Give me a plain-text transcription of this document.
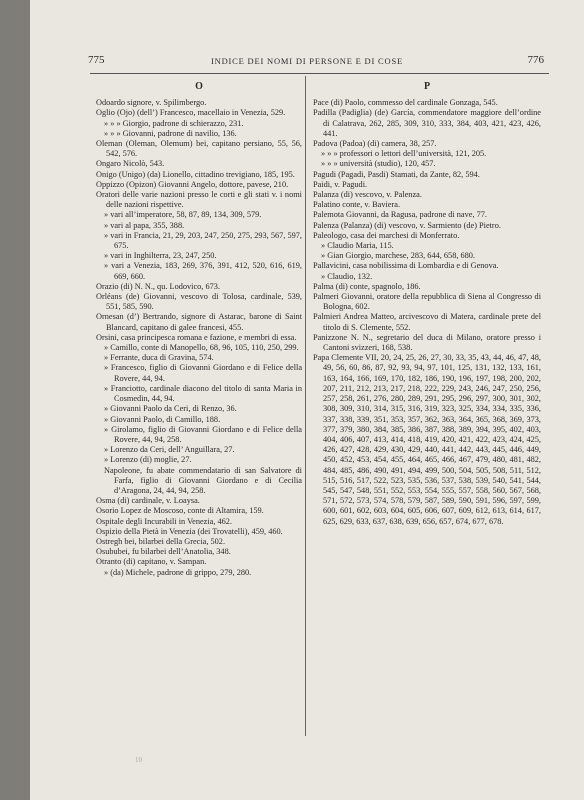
775	INDICE DEI NOMI DI PERSONE E DI COSE	776
O
Odoardo signore, v. Spilimbergo.
Oglio (Ojo) (dell’) Francesco, macellaio in Venezia, 529.
» » » Giorgio, padrone di schierazzo, 231.
» » » Giovanni, padrone di navilio, 136.
Oleman (Oleman, Olemum) bei, capitano persiano, 55, 56, 542, 576.
Ongaro Nicolò, 543.
Onigo (Unigo) (da) Lionello, cittadino trevigiano, 185, 195.
Oppizzo (Opizon) Giovanni Angelo, dottore, pavese, 210.
Oratori delle varie nazioni presso le corti e gli stati v. i nomi delle nazioni rispettive.
» vari all’imperatore, 58, 87, 89, 134, 309, 579.
» vari al papa, 355, 388.
» vari in Francia, 21, 29, 203, 247, 250, 275, 293, 567, 597, 675.
» vari in Inghilterra, 23, 247, 250.
» vari a Venezia, 183, 269, 376, 391, 412, 520, 616, 619, 669, 660.
Orazio (di) N. N., qu. Lodovico, 673.
Orléans (de) Giovanni, vescovo di Tolosa, cardinale, 539, 551, 585, 590.
Ornesan (d’) Bertrando, signore di Astarac, barone di Saint Blancard, capitano di galee francesi, 455.
Orsini, casa principesca romana e fazione, e membri di essa.
» Camillo, conte di Manopello, 68, 96, 105, 110, 250, 299.
» Ferrante, duca di Gravina, 574.
» Francesco, figlio di Giovanni Giordano e di Felice della Rovere, 44, 94.
» Franciotto, cardinale diacono del titolo di santa Maria in Cosmedin, 44, 94.
» Giovanni Paolo da Ceri, di Renzo, 36.
» Giovanni Paolo, di Camillo, 188.
» Girolamo, figlio di Giovanni Giordano e di Felice della Rovere, 44, 94, 258.
» Lorenzo da Ceri, dell’ Anguillara, 27.
» Lorenzo (di) moglie, 27.
Napoleone, fu abate commendatario di san Salvatore di Farfa, figlio di Giovanni Giordano e di Cecilia d’Aragona, 24, 44, 94, 258.
Osma (di) cardinale, v. Loaysa.
Osorio Lopez de Moscoso, conte di Altamira, 159.
Ospitale degli Incurabili in Venezia, 462.
Ospizio della Pietà in Venezia (dei Trovatelli), 459, 460.
Ostregh bei, bilarbei della Grecia, 502.
Osububei, fu bilarbei dell’Anatolia, 348.
Otranto (di) capitano, v. Sampan.
» (da) Michele, padrone di grippo, 279, 280.
P
Pace (di) Paolo, commesso del cardinale Gonzaga, 545.
Padilla (Padiglia) (de) García, commendatore maggiore dell’ordine di Calatrava, 262, 285, 309, 310, 333, 384, 403, 421, 423, 426, 441.
Padova (Padoa) (di) camera, 38, 257.
» » » professori o lettori dell’università, 121, 205.
» » » università (studio), 120, 457.
Pagudi (Pagadi, Pasdi) Stamati, da Zante, 82, 594.
Paidi, v. Pagudi.
Palanza (di) vescovo, v. Palenza.
Palatino conte, v. Baviera.
Palemota Giovanni, da Ragusa, padrone di nave, 77.
Palenza (Palanza) (di) vescovo, v. Sarmiento (de) Pietro.
Paleologo, casa dei marchesi di Monferrato.
» Claudio Maria, 115.
» Gian Giorgio, marchese, 283, 644, 658, 680.
Pallavicini, casa nobilissima di Lombardia e di Genova.
» Claudio, 132.
Palma (di) conte, spagnolo, 186.
Palmeri Giovanni, oratore della repubblica di Siena al Congresso di Bologna, 602.
Palmieri Andrea Matteo, arcivescovo di Matera, cardinale prete del titolo di S. Clemente, 552.
Panizzone N. N., segretario del duca di Milano, oratore presso i Cantoni svizzeri, 168, 538.
Papa Clemente VII, 20, 24, 25, 26, 27, 30, 33, 35, 43, 44, 46, 47, 48, 49, 56, 60, 86, 87, 92, 93, 94, 97, 101, 125, 131, 132, 133, 161, 163, 164, 166, 169, 170, 182, 186, 190, 196, 197, 198, 200, 202, 207, 211, 212, 213, 217, 218, 222, 229, 243, 246, 247, 250, 256, 257, 258, 261, 276, 280, 289, 291, 295, 296, 297, 300, 301, 302, 308, 309, 310, 314, 315, 316, 319, 323, 325, 334, 334, 335, 336, 337, 338, 339, 351, 353, 357, 362, 363, 364, 365, 368, 369, 373, 377, 379, 380, 384, 385, 386, 387, 388, 389, 394, 395, 402, 403, 404, 406, 407, 413, 414, 418, 419, 420, 421, 422, 423, 424, 425, 426, 427, 428, 429, 430, 429, 440, 441, 442, 443, 445, 446, 449, 450, 452, 453, 454, 455, 464, 465, 466, 467, 479, 480, 481, 482, 484, 485, 486, 490, 491, 494, 499, 500, 504, 505, 508, 511, 512, 515, 516, 517, 522, 523, 535, 536, 537, 538, 539, 540, 541, 544, 545, 547, 548, 551, 552, 553, 554, 555, 557, 558, 560, 567, 568, 571, 572, 573, 574, 578, 579, 587, 589, 590, 591, 596, 597, 599, 600, 601, 602, 603, 604, 605, 606, 607, 609, 612, 613, 614, 617, 625, 629, 633, 637, 638, 639, 656, 657, 674, 677, 678.
10
